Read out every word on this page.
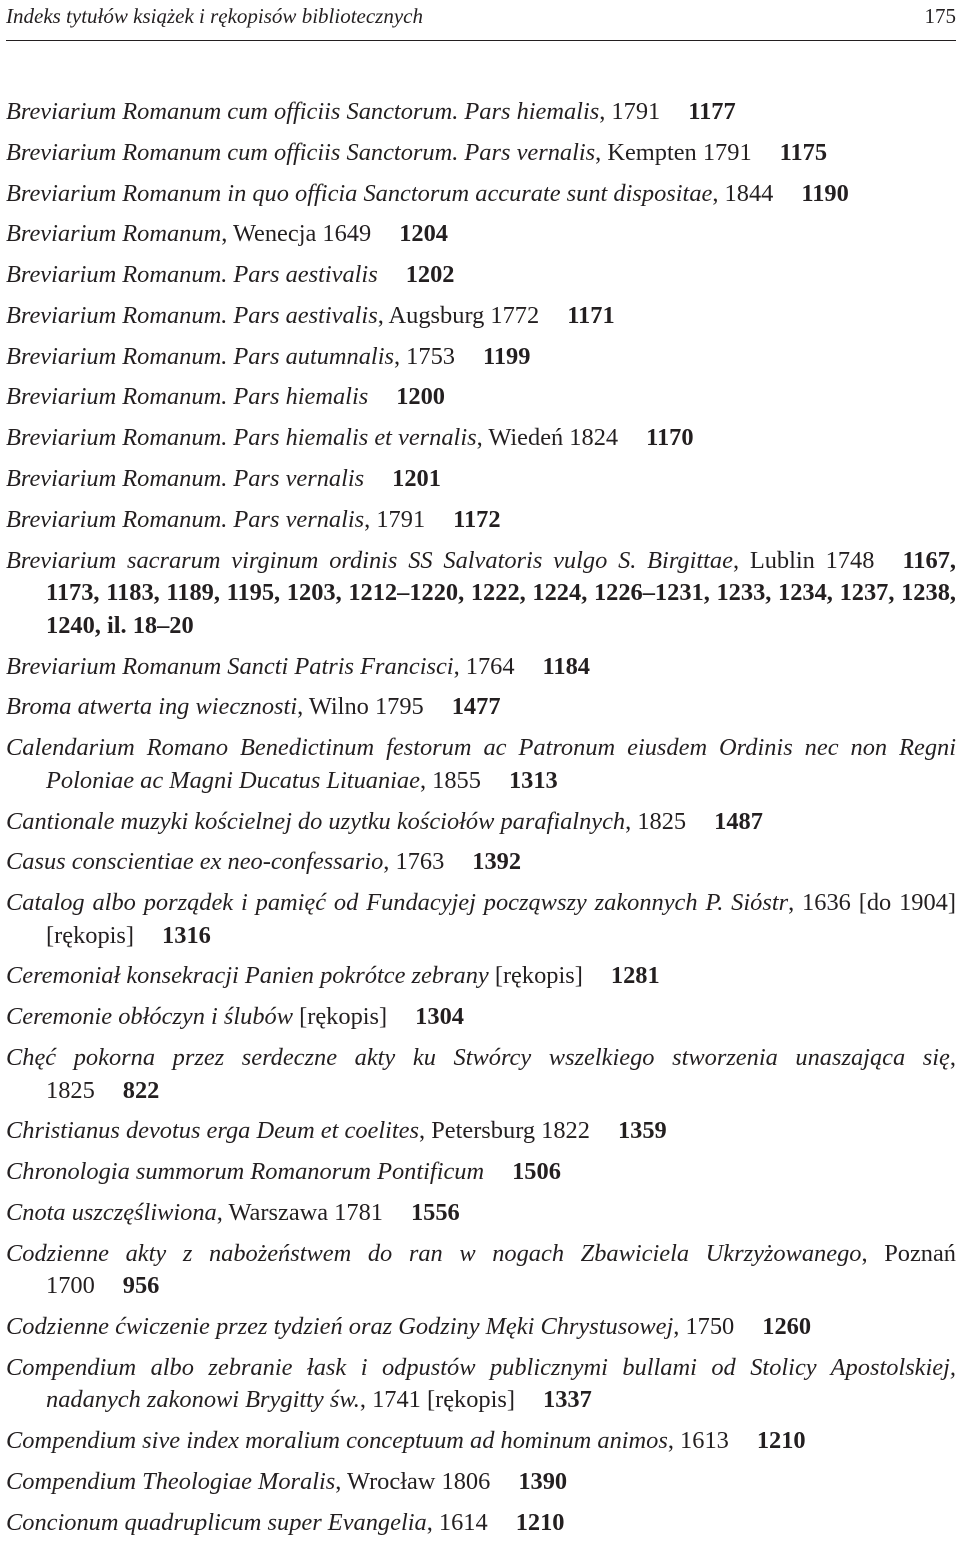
Indeks tytułów książek i rękopisów bibliotecznych	175

Breviarium Romanum cum officiis Sanctorum. Pars hiemalis, 1791 1177

Breviarium Romanum cum officiis Sanctorum. Pars vernalis, Kempten 1791 1175

Breviarium Romanum in quo officia Sanctorum accurate sunt dispositae, 1844 1190

Breviarium Romanum, Wenecja 1649 1204

Breviarium Romanum. Pars aestivalis 1202

Breviarium Romanum. Pars aestivalis, Augsburg 1772 1171

Breviarium Romanum. Pars autumnalis, 1753 1199

Breviarium Romanum. Pars hiemalis 1200

Breviarium Romanum. Pars hiemalis et vernalis, Wiedeń 1824 1170

Breviarium Romanum. Pars vernalis 1201

Breviarium Romanum. Pars vernalis, 1791 1172

Breviarium sacrarum virginum ordinis SS Salvatoris vulgo S. Birgittae, Lublin 1748 1167, 1173, 1183, 1189, 1195, 1203, 1212–1220, 1222, 1224, 1226–1231, 1233, 1234, 1237, 1238, 1240, il. 18–20

Breviarium Romanum Sancti Patris Francisci, 1764 1184

Broma atwerta ing wiecznosti, Wilno 1795 1477

Calendarium Romano Benedictinum festorum ac Patronum eiusdem Ordinis nec non Regni Poloniae ac Magni Ducatus Lituaniae, 1855 1313

Cantionale muzyki kościelnej do uzytku kościołów parafialnych, 1825 1487

Casus conscientiae ex neo-confessario, 1763 1392

Catalog albo porządek i pamięć od Fundacyjej począwszy zakonnych P. Siόstr, 1636 [do 1904] [rękopis] 1316

Ceremoniał konsekracji Panien pokrótce zebrany [rękopis] 1281

Ceremonie obłóczyn i ślubów [rękopis] 1304

Chęć pokorna przez serdeczne akty ku Stwórcy wszelkiego stworzenia unaszająca się, 1825 822

Christianus devotus erga Deum et coelites, Petersburg 1822 1359

Chronologia summorum Romanorum Pontificum 1506

Cnota uszczęśliwiona, Warszawa 1781 1556

Codzienne akty z nabożeństwem do ran w nogach Zbawiciela Ukrzyżowanego, Poznań 1700 956

Codzienne ćwiczenie przez tydzień oraz Godziny Męki Chrystusowej, 1750 1260

Compendium albo zebranie łask i odpustów publicznymi bullami od Stolicy Apostolskiej, nadanych zakonowi Brygitty św., 1741 [rękopis] 1337

Compendium sive index moralium conceptuum ad hominum animos, 1613 1210

Compendium Theologiae Moralis, Wrocław 1806 1390

Concionum quadruplicum super Evangelia, 1614 1210
